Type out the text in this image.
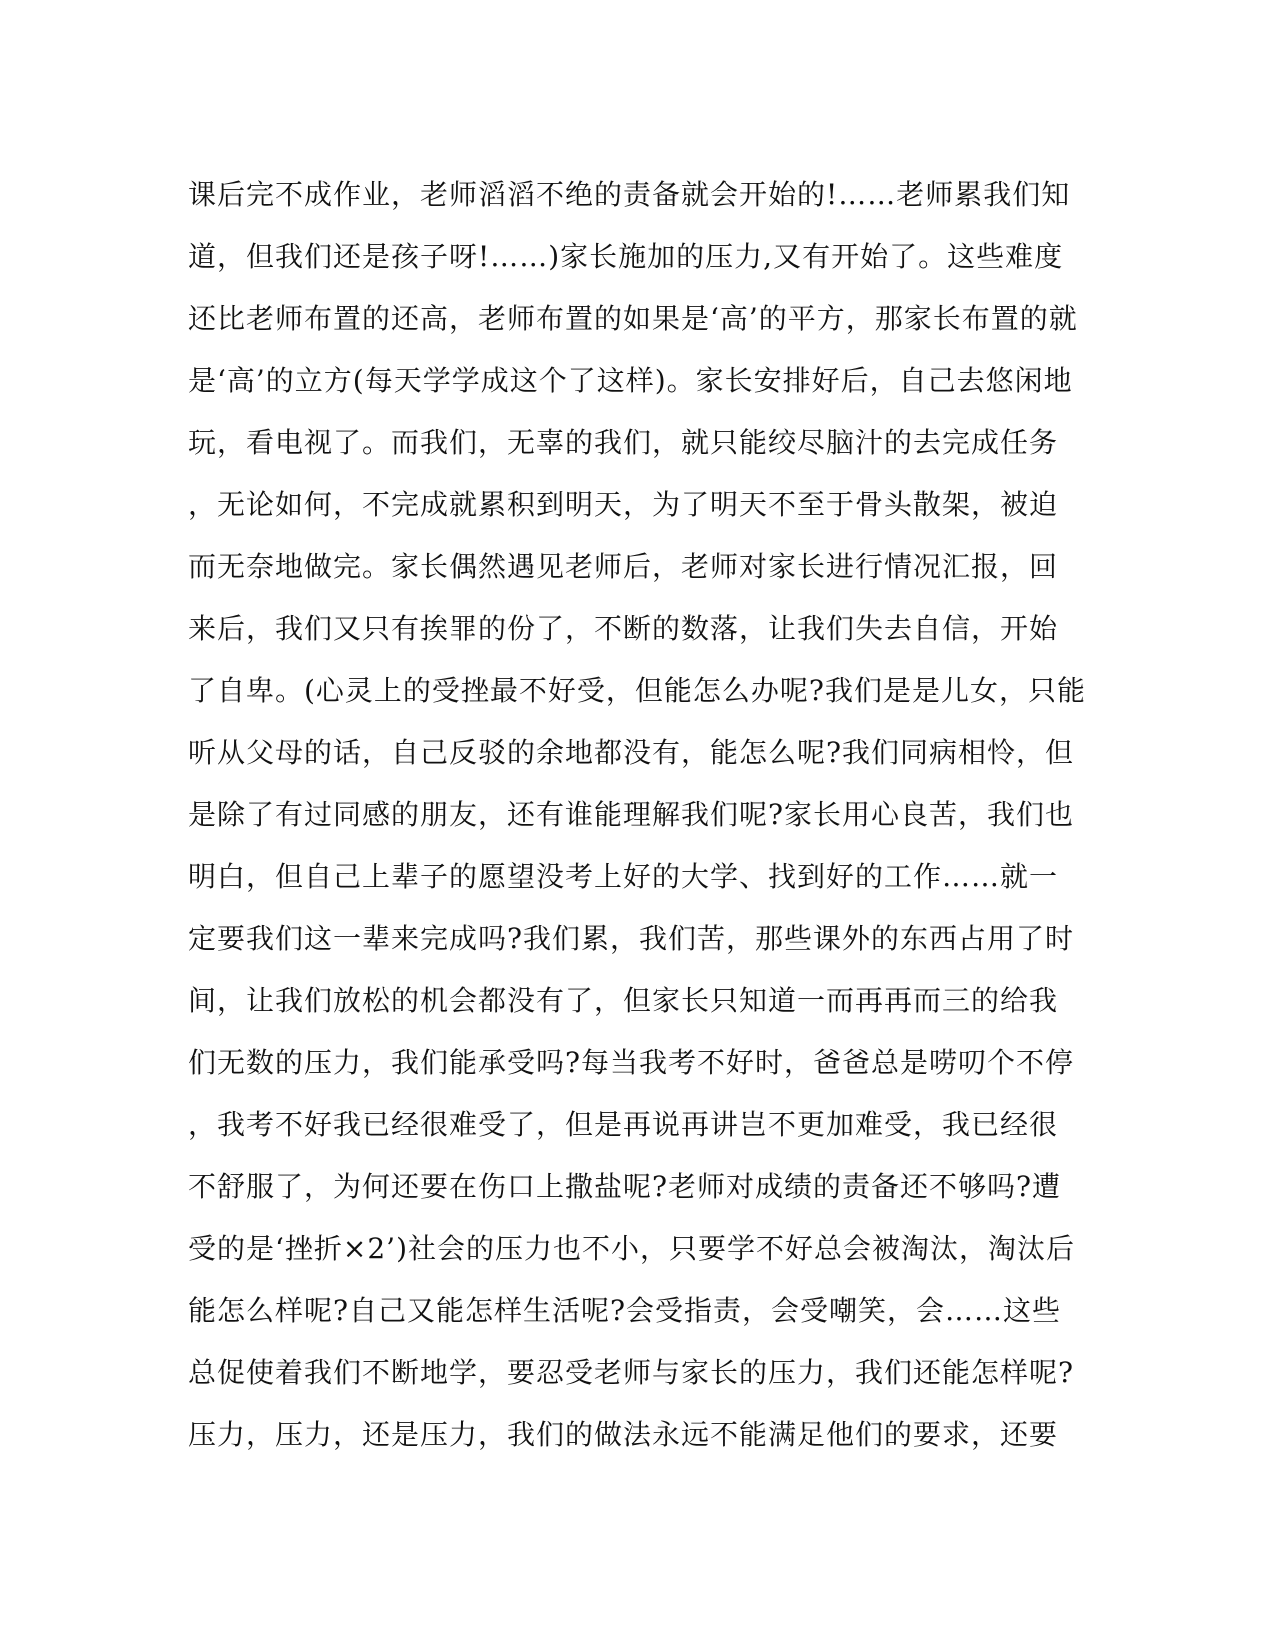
课后完不成作业，老师滔滔不绝的责备就会开始的!……老师累我们知
道，但我们还是孩子呀!……)家长施加的压力,又有开始了。这些难度
还比老师布置的还高，老师布置的如果是‘高’的平方，那家长布置的就
是‘高’的立方(每天学学成这个了这样)。家长安排好后，自己去悠闲地
玩，看电视了。而我们，无辜的我们，就只能绞尽脑汁的去完成任务
，无论如何，不完成就累积到明天，为了明天不至于骨头散架，被迫
而无奈地做完。家长偶然遇见老师后，老师对家长进行情况汇报，回
来后，我们又只有挨罪的份了，不断的数落，让我们失去自信，开始
了自卑。(心灵上的受挫最不好受，但能怎么办呢?我们是是儿女，只能
听从父母的话，自己反驳的余地都没有，能怎么呢?我们同病相怜，但
是除了有过同感的朋友，还有谁能理解我们呢?家长用心良苦，我们也
明白，但自己上辈子的愿望没考上好的大学、找到好的工作……就一
定要我们这一辈来完成吗?我们累，我们苦，那些课外的东西占用了时
间，让我们放松的机会都没有了，但家长只知道一而再再而三的给我
们无数的压力，我们能承受吗?每当我考不好时，爸爸总是唠叨个不停
，我考不好我已经很难受了，但是再说再讲岂不更加难受，我已经很
不舒服了，为何还要在伤口上撒盐呢?老师对成绩的责备还不够吗?遭
受的是‘挫折×2’)社会的压力也不小，只要学不好总会被淘汰，淘汰后
能怎么样呢?自己又能怎样生活呢?会受指责，会受嘲笑，会……这些
总促使着我们不断地学，要忍受老师与家长的压力，我们还能怎样呢?
压力，压力，还是压力，我们的做法永远不能满足他们的要求，还要
